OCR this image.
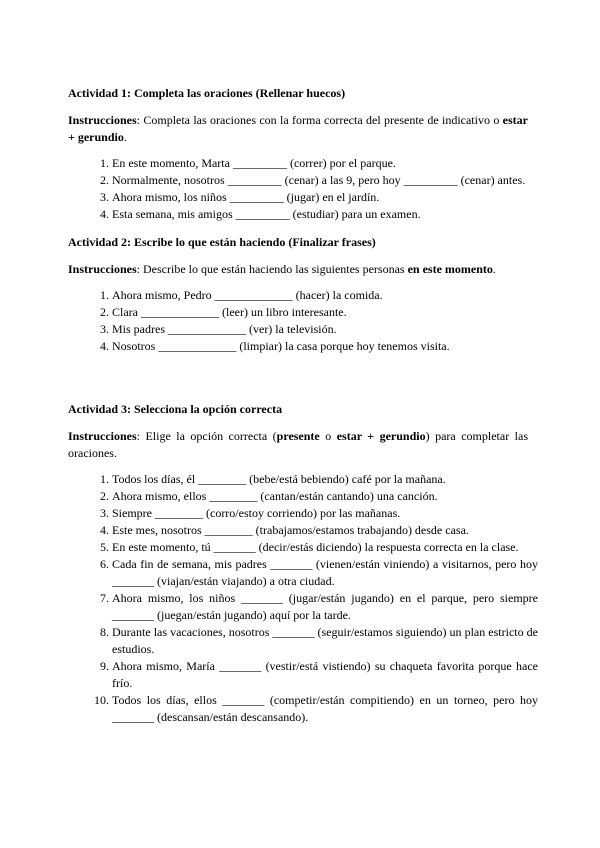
Actividad 1: Completa las oraciones (Rellenar huecos)

Instrucciones: Completa las oraciones con la forma correcta del presente de indicativo o estar + gerundio.

1. En este momento, Marta _________ (correr) por el parque.
2. Normalmente, nosotros _________ (cenar) a las 9, pero hoy _________ (cenar) antes.
3. Ahora mismo, los niños _________ (jugar) en el jardín.
4. Esta semana, mis amigos _________ (estudiar) para un examen.
Actividad 2: Escribe lo que están haciendo (Finalizar frases)

Instrucciones: Describe lo que están haciendo las siguientes personas en este momento.

1. Ahora mismo, Pedro _____________ (hacer) la comida.
2. Clara _____________ (leer) un libro interesante.
3. Mis padres _____________ (ver) la televisión.
4. Nosotros _____________ (limpiar) la casa porque hoy tenemos visita.
Actividad 3: Selecciona la opción correcta

Instrucciones: Elige la opción correcta (presente o estar + gerundio) para completar las oraciones.

1. Todos los días, él ________ (bebe/está bebiendo) café por la mañana.
2. Ahora mismo, ellos ________ (cantan/están cantando) una canción.
3. Siempre ________ (corro/estoy corriendo) por las mañanas.
4. Este mes, nosotros ________ (trabajamos/estamos trabajando) desde casa.
5. En este momento, tú _______ (decir/estás diciendo) la respuesta correcta en la clase.
6. Cada fin de semana, mis padres _______ (vienen/están viniendo) a visitarnos, pero hoy _______ (viajan/están viajando) a otra ciudad.
7. Ahora mismo, los niños _______ (jugar/están jugando) en el parque, pero siempre _______ (juegan/están jugando) aquí por la tarde.
8. Durante las vacaciones, nosotros _______ (seguir/estamos siguiendo) un plan estricto de estudios.
9. Ahora mismo, María _______ (vestir/está vistiendo) su chaqueta favorita porque hace frío.
10. Todos los días, ellos _______ (competir/están compitiendo) en un torneo, pero hoy _______ (descansan/están descansando).
